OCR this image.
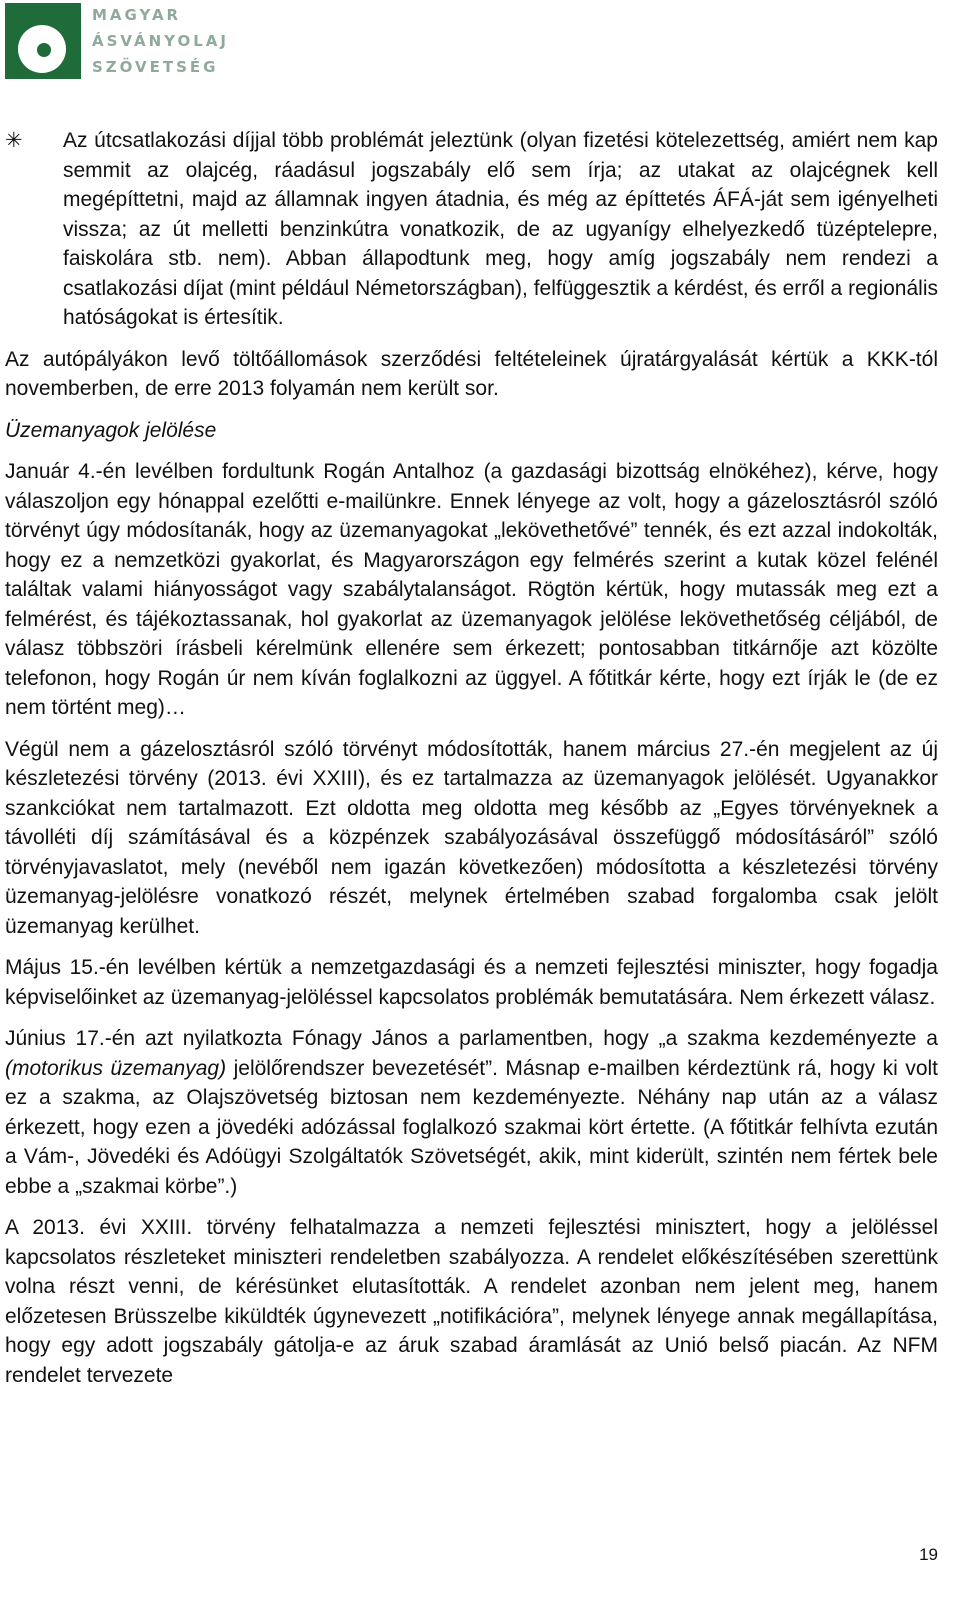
MAGYAR
ÁSVÁNYOLAJ
SZÖVETSÉG
✳	Az útcsatlakozási díjjal több problémát jeleztünk (olyan fizetési kötelezettség, amiért nem kap semmit az olajcég, ráadásul jogszabály elő sem írja; az utakat az olajcégnek kell megépíttetni, majd az államnak ingyen átadnia, és még az építtetés ÁFÁ-ját sem igényelheti vissza; az út melletti benzinkútra vonatkozik, de az ugyanígy elhelyezkedő tüzéptelepre, faiskolára stb. nem). Abban állapodtunk meg, hogy amíg jogszabály nem rendezi a csatlakozási díjat (mint például Németországban), felfüggesztik a kérdést, és erről a regionális hatóságokat is értesítik.

Az autópályákon levő töltőállomások szerződési feltételeinek újratárgyalását kértük a KKK-tól novemberben, de erre 2013 folyamán nem került sor.

Üzemanyagok jelölése

Január 4.-én levélben fordultunk Rogán Antalhoz (a gazdasági bizottság elnökéhez), kérve, hogy válaszoljon egy hónappal ezelőtti e-mailünkre. Ennek lényege az volt, hogy a gázelosztásról szóló törvényt úgy módosítanák, hogy az üzemanyagokat „lekövethetővé” tennék, és ezt azzal indokolták, hogy ez a nemzetközi gyakorlat, és Magyarországon egy felmérés szerint a kutak közel felénél találtak valami hiányosságot vagy szabálytalanságot. Rögtön kértük, hogy mutassák meg ezt a felmérést, és tájékoztassanak, hol gyakorlat az üzemanyagok jelölése lekövethetőség céljából, de válasz többszöri írásbeli kérelmünk ellenére sem érkezett; pontosabban titkárnője azt közölte telefonon, hogy Rogán úr nem kíván foglalkozni az üggyel. A főtitkár kérte, hogy ezt írják le (de ez nem történt meg)…

Végül nem a gázelosztásról szóló törvényt módosították, hanem március 27.-én megjelent az új készletezési törvény (2013. évi XXIII), és ez tartalmazza az üzemanyagok jelölését. Ugyanakkor szankciókat nem tartalmazott. Ezt oldotta meg oldotta meg később az „Egyes törvényeknek a távolléti díj számításával és a közpénzek szabályozásával összefüggő módosításáról” szóló törvényjavaslatot, mely (nevéből nem igazán következően) módosította a készletezési törvény üzemanyag-jelölésre vonatkozó részét, melynek értelmében szabad forgalomba csak jelölt üzemanyag kerülhet.

Május 15.-én levélben kértük a nemzetgazdasági és a nemzeti fejlesztési miniszter, hogy fogadja képviselőinket az üzemanyag-jelöléssel kapcsolatos problémák bemutatására. Nem érkezett válasz.

Június 17.-én azt nyilatkozta Fónagy János a parlamentben, hogy „a szakma kezdeményezte a (motorikus üzemanyag) jelölőrendszer bevezetését”. Másnap e-mailben kérdeztünk rá, hogy ki volt ez a szakma, az Olajszövetség biztosan nem kezdeményezte. Néhány nap után az a válasz érkezett, hogy ezen a jövedéki adózással foglalkozó szakmai kört értette. (A főtitkár felhívta ezután a Vám-, Jövedéki és Adóügyi Szolgáltatók Szövetségét, akik, mint kiderült, szintén nem fértek bele ebbe a „szakmai körbe”.)

A 2013. évi XXIII. törvény felhatalmazza a nemzeti fejlesztési minisztert, hogy a jelöléssel kapcsolatos részleteket miniszteri rendeletben szabályozza. A rendelet előkészítésében szerettünk volna részt venni, de kérésünket elutasították. A rendelet azonban nem jelent meg, hanem előzetesen Brüsszelbe kiküldték úgynevezett „notifikációra”, melynek lényege annak megállapítása, hogy egy adott jogszabály gátolja-e az áruk szabad áramlását az Unió belső piacán. Az NFM rendelet tervezete

19
